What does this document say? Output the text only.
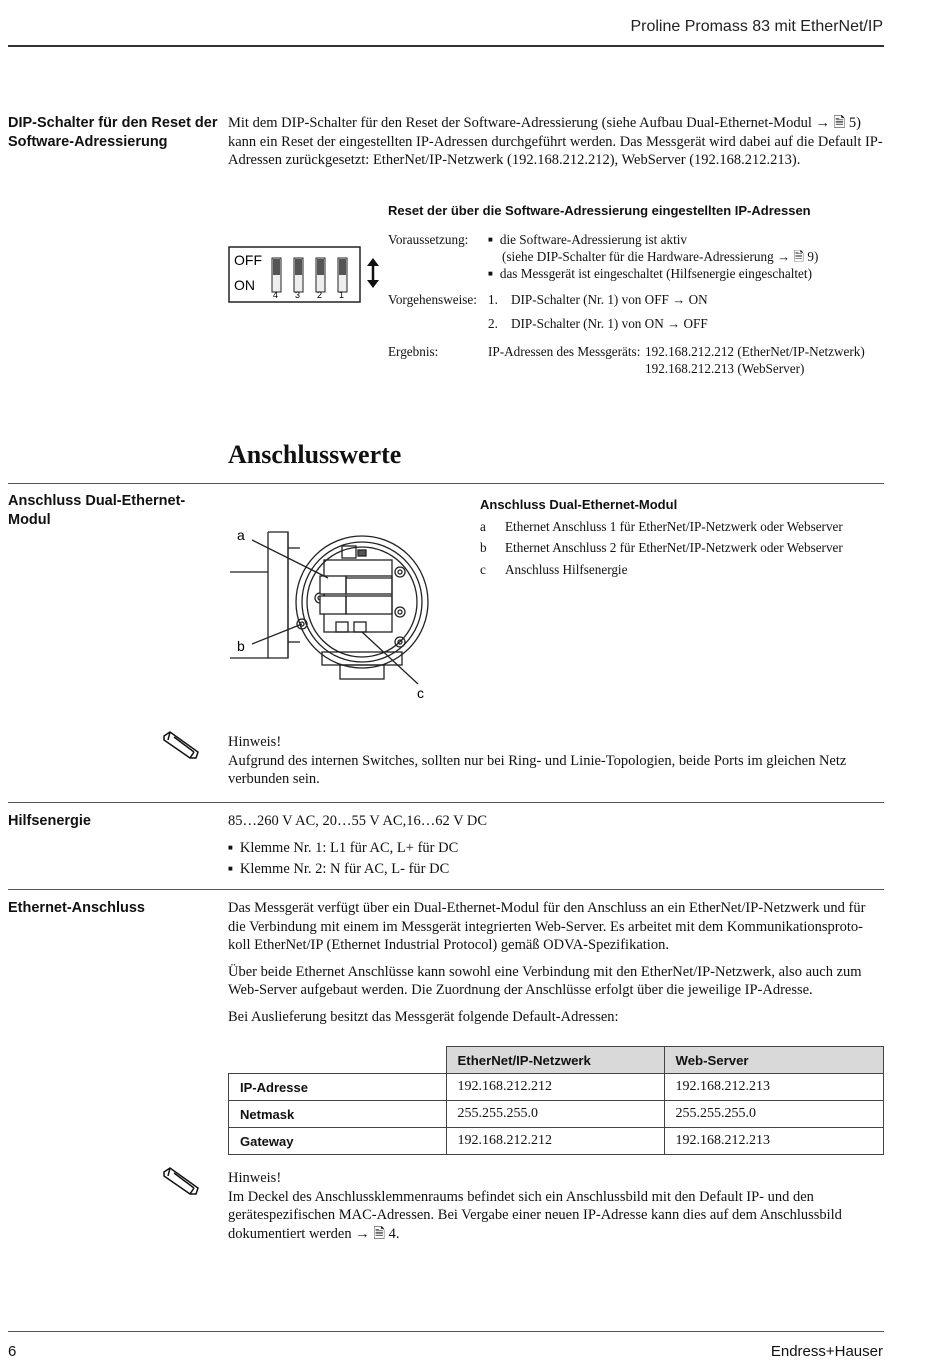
Proline Promass 83 mit EtherNet/IP
DIP-Schalter für den Reset der Software-Adressierung
Mit dem DIP-Schalter für den Reset der Software-Adressierung (siehe Aufbau Dual-Ethernet-Modul → 🗎 5) kann ein Reset der eingestellten IP-Adressen durchgeführt werden. Das Messgerät wird dabei auf die Default IP-Adressen zurückgesetzt: EtherNet/IP-Netzwerk (192.168.212.212), WebServer (192.168.212.213).
OFF
ON
4 3 2 1
Reset der über die Software-Adressierung eingestellten IP-Adressen
Voraussetzung: ■ die Software-Adressierung ist aktiv
(siehe DIP-Schalter für die Hardware-Adressierung → 🗎 9)
■ das Messgerät ist eingeschaltet (Hilfsenergie eingeschaltet)
Vorgehensweise: 1. DIP-Schalter (Nr. 1) von OFF → ON
2. DIP-Schalter (Nr. 1) von ON → OFF
Ergebnis:	IP-Adressen des Messgeräts: 192.168.212.212 (EtherNet/IP-Netzwerk)
192.168.212.213 (WebServer)
Anschlusswerte
Anschluss Dual-Ethernet-Modul
a
b
c
Anschluss Dual-Ethernet-Modul
a Ethernet Anschluss 1 für EtherNet/IP-Netzwerk oder Webserver
b Ethernet Anschluss 2 für EtherNet/IP-Netzwerk oder Webserver
c Anschluss Hilfsenergie
Hinweis!
Aufgrund des internen Switches, sollten nur bei Ring- und Linie-Topologien, beide Ports im gleichen Netz verbunden sein.
Hilfsenergie	85…260 V AC, 20…55 V AC,16…62 V DC
■ Klemme Nr. 1: L1 für AC, L+ für DC
■ Klemme Nr. 2: N für AC, L- für DC
Ethernet-Anschluss	Das Messgerät verfügt über ein Dual-Ethernet-Modul für den Anschluss an ein EtherNet/IP-Netzwerk und für die Verbindung mit einem im Messgerät integrierten Web-Server. Es arbeitet mit dem Kommunikationsproto-koll EtherNet/IP (Ethernet Industrial Protocol) gemäß ODVA-Spezifikation.

Über beide Ethernet Anschlüsse kann sowohl eine Verbindung mit den EtherNet/IP-Netzwerk, also auch zum Web-Server aufgebaut werden. Die Zuordnung der Anschlüsse erfolgt über die jeweilige IP-Adresse.

Bei Auslieferung besitzt das Messgerät folgende Default-Adressen:

	EtherNet/IP-Netzwerk	Web-Server
IP-Adresse	192.168.212.212	192.168.212.213
Netmask	255.255.255.0	255.255.255.0
Gateway	192.168.212.212	192.168.212.213
Hinweis!
Im Deckel des Anschlussklemmenraums befindet sich ein Anschlussbild mit den Default IP- und den gerätespezifischen MAC-Adressen. Bei Vergabe einer neuen IP-Adresse kann dies auf dem Anschlussbild dokumentiert werden → 🗎 4.
6	Endress+Hauser
